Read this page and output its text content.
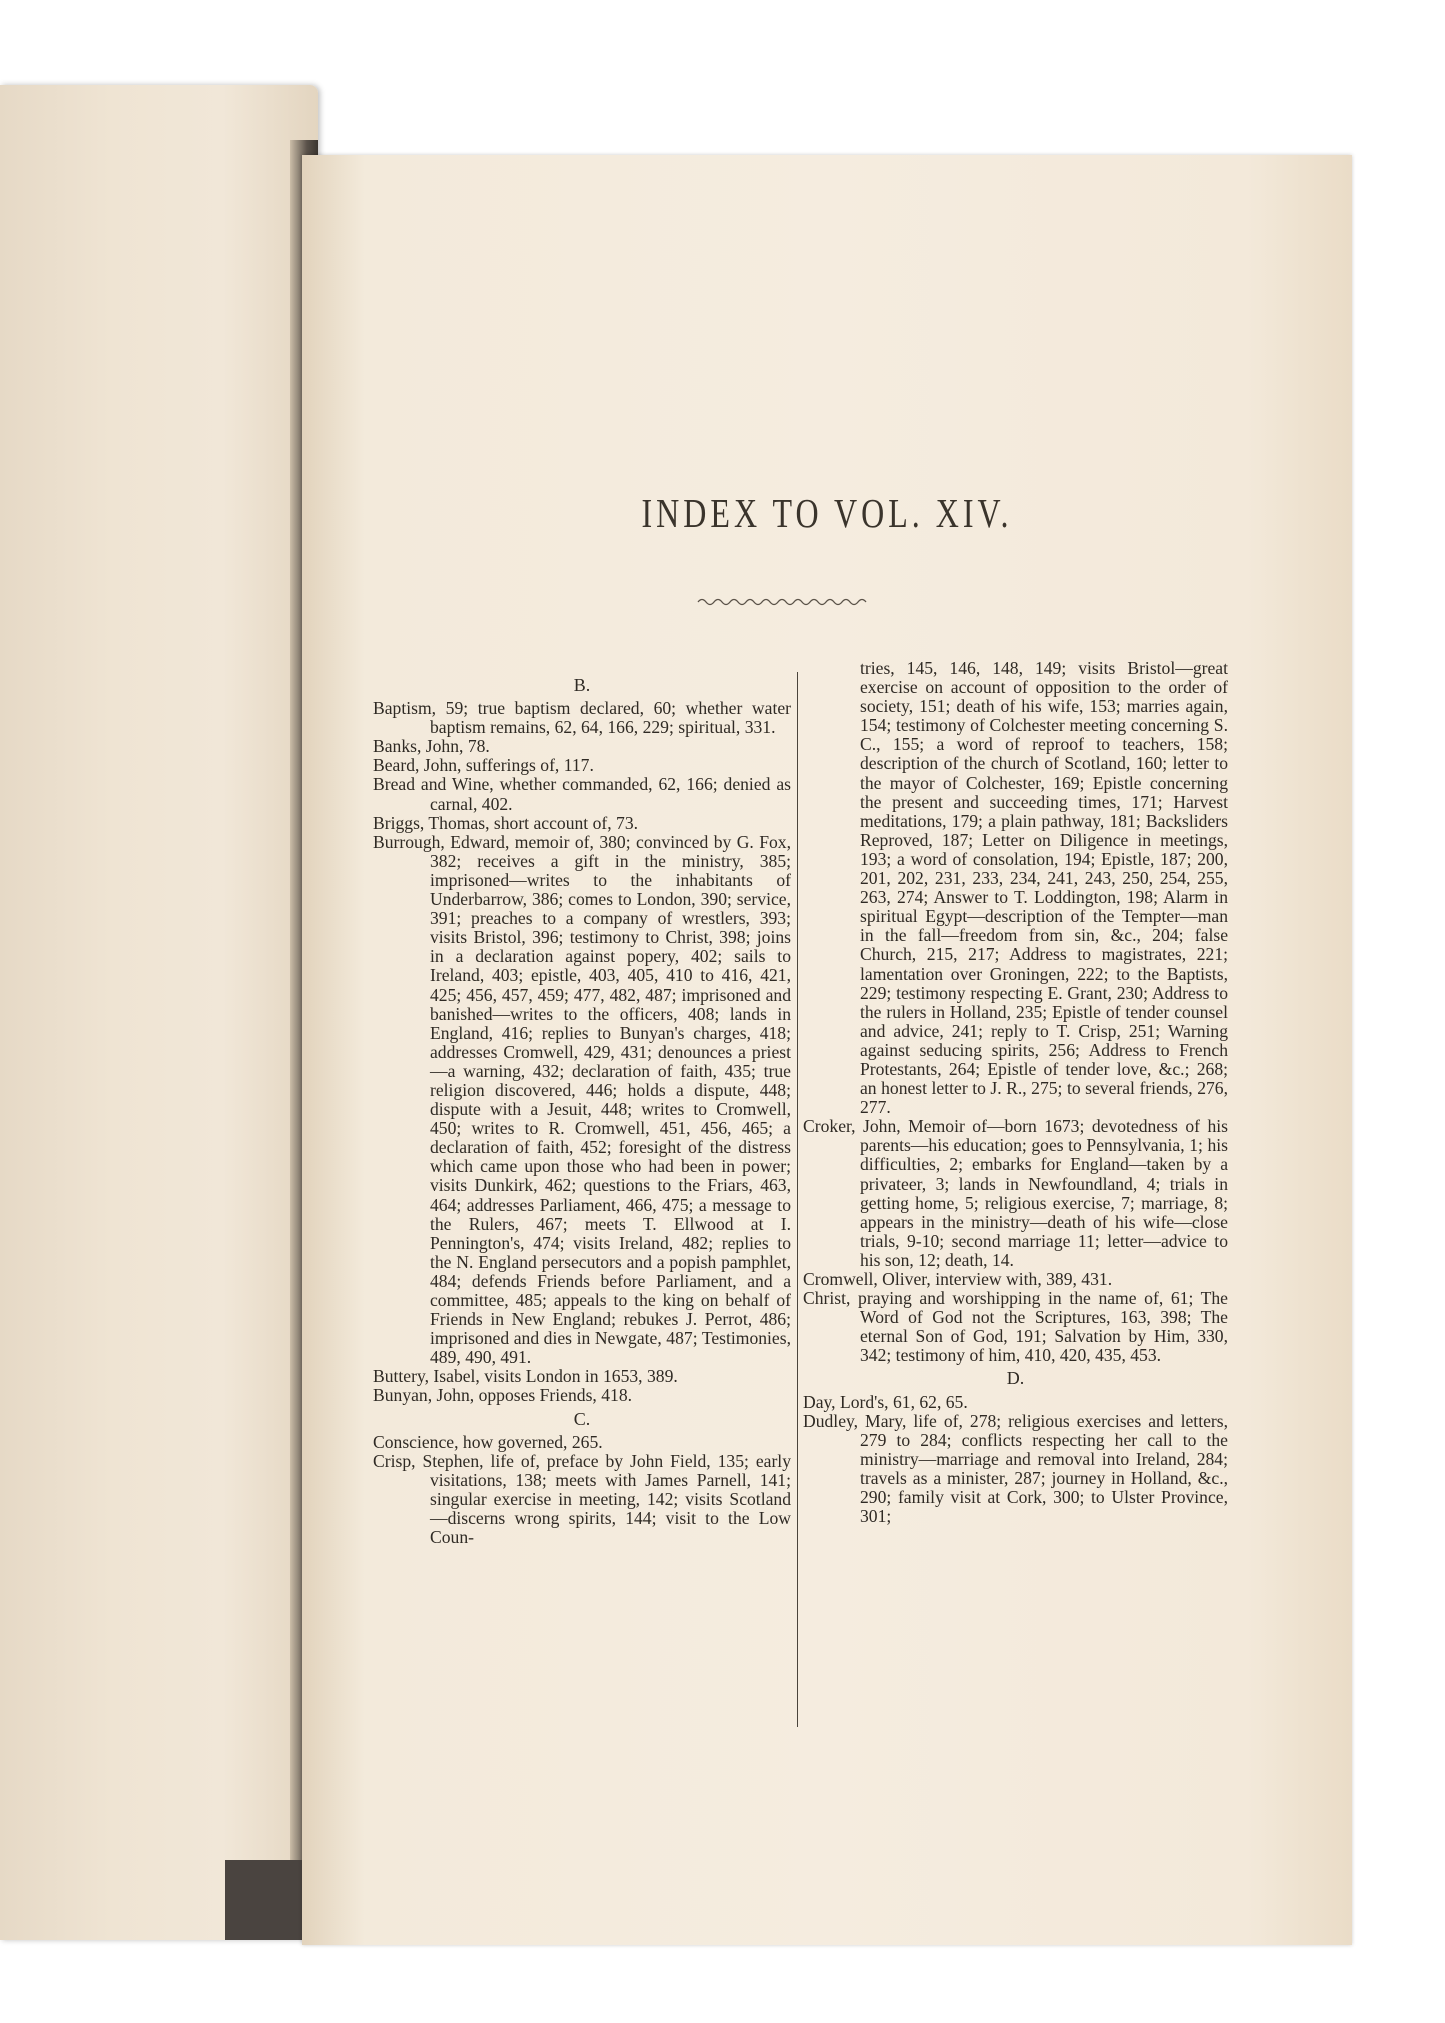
INDEX TO VOL. XIV.

B.

Baptism, 59; true baptism declared, 60; whether water baptism remains, 62, 64, 166, 229; spiritual, 331.

Banks, John, 78.

Beard, John, sufferings of, 117.

Bread and Wine, whether commanded, 62, 166; denied as carnal, 402.

Briggs, Thomas, short account of, 73.

Burrough, Edward, memoir of, 380; convinced by G. Fox, 382; receives a gift in the ministry, 385; imprisoned—writes to the inhabitants of Underbarrow, 386; comes to London, 390; service, 391; preaches to a company of wrestlers, 393; visits Bristol, 396; testimony to Christ, 398; joins in a declaration against popery, 402; sails to Ireland, 403; epistle, 403, 405, 410 to 416, 421, 425; 456, 457, 459; 477, 482, 487; imprisoned and banished—writes to the officers, 408; lands in England, 416; replies to Bunyan's charges, 418; addresses Cromwell, 429, 431; denounces a priest—a warning, 432; declaration of faith, 435; true religion discovered, 446; holds a dispute, 448; dispute with a Jesuit, 448; writes to Cromwell, 450; writes to R. Cromwell, 451, 456, 465; a declaration of faith, 452; foresight of the distress which came upon those who had been in power; visits Dunkirk, 462; questions to the Friars, 463, 464; addresses Parliament, 466, 475; a message to the Rulers, 467; meets T. Ellwood at I. Pennington's, 474; visits Ireland, 482; replies to the N. England persecutors and a popish pamphlet, 484; defends Friends before Parliament, and a committee, 485; appeals to the king on behalf of Friends in New England; rebukes J. Perrot, 486; imprisoned and dies in Newgate, 487; Testimonies, 489, 490, 491.

Buttery, Isabel, visits London in 1653, 389.

Bunyan, John, opposes Friends, 418.

C.

Conscience, how governed, 265.

Crisp, Stephen, life of, preface by John Field, 135; early visitations, 138; meets with James Parnell, 141; singular exercise in meeting, 142; visits Scotland—discerns wrong spirits, 144; visit to the Low Coun-

tries, 145, 146, 148, 149; visits Bristol—great exercise on account of opposition to the order of society, 151; death of his wife, 153; marries again, 154; testimony of Colchester meeting concerning S. C., 155; a word of reproof to teachers, 158; description of the church of Scotland, 160; letter to the mayor of Colchester, 169; Epistle concerning the present and succeeding times, 171; Harvest meditations, 179; a plain pathway, 181; Backsliders Reproved, 187; Letter on Diligence in meetings, 193; a word of consolation, 194; Epistle, 187; 200, 201, 202, 231, 233, 234, 241, 243, 250, 254, 255, 263, 274; Answer to T. Loddington, 198; Alarm in spiritual Egypt—description of the Tempter—man in the fall—freedom from sin, &c., 204; false Church, 215, 217; Address to magistrates, 221; lamentation over Groningen, 222; to the Baptists, 229; testimony respecting E. Grant, 230; Address to the rulers in Holland, 235; Epistle of tender counsel and advice, 241; reply to T. Crisp, 251; Warning against seducing spirits, 256; Address to French Protestants, 264; Epistle of tender love, &c.; 268; an honest letter to J. R., 275; to several friends, 276, 277.

Croker, John, Memoir of—born 1673; devotedness of his parents—his education; goes to Pennsylvania, 1; his difficulties, 2; embarks for England—taken by a privateer, 3; lands in Newfoundland, 4; trials in getting home, 5; religious exercise, 7; marriage, 8; appears in the ministry—death of his wife—close trials, 9-10; second marriage 11; letter—advice to his son, 12; death, 14.

Cromwell, Oliver, interview with, 389, 431.

Christ, praying and worshipping in the name of, 61; The Word of God not the Scriptures, 163, 398; The eternal Son of God, 191; Salvation by Him, 330, 342; testimony of him, 410, 420, 435, 453.

D.

Day, Lord's, 61, 62, 65.

Dudley, Mary, life of, 278; religious exercises and letters, 279 to 284; conflicts respecting her call to the ministry—marriage and removal into Ireland, 284; travels as a minister, 287; journey in Holland, &c., 290; family visit at Cork, 300; to Ulster Province, 301;
